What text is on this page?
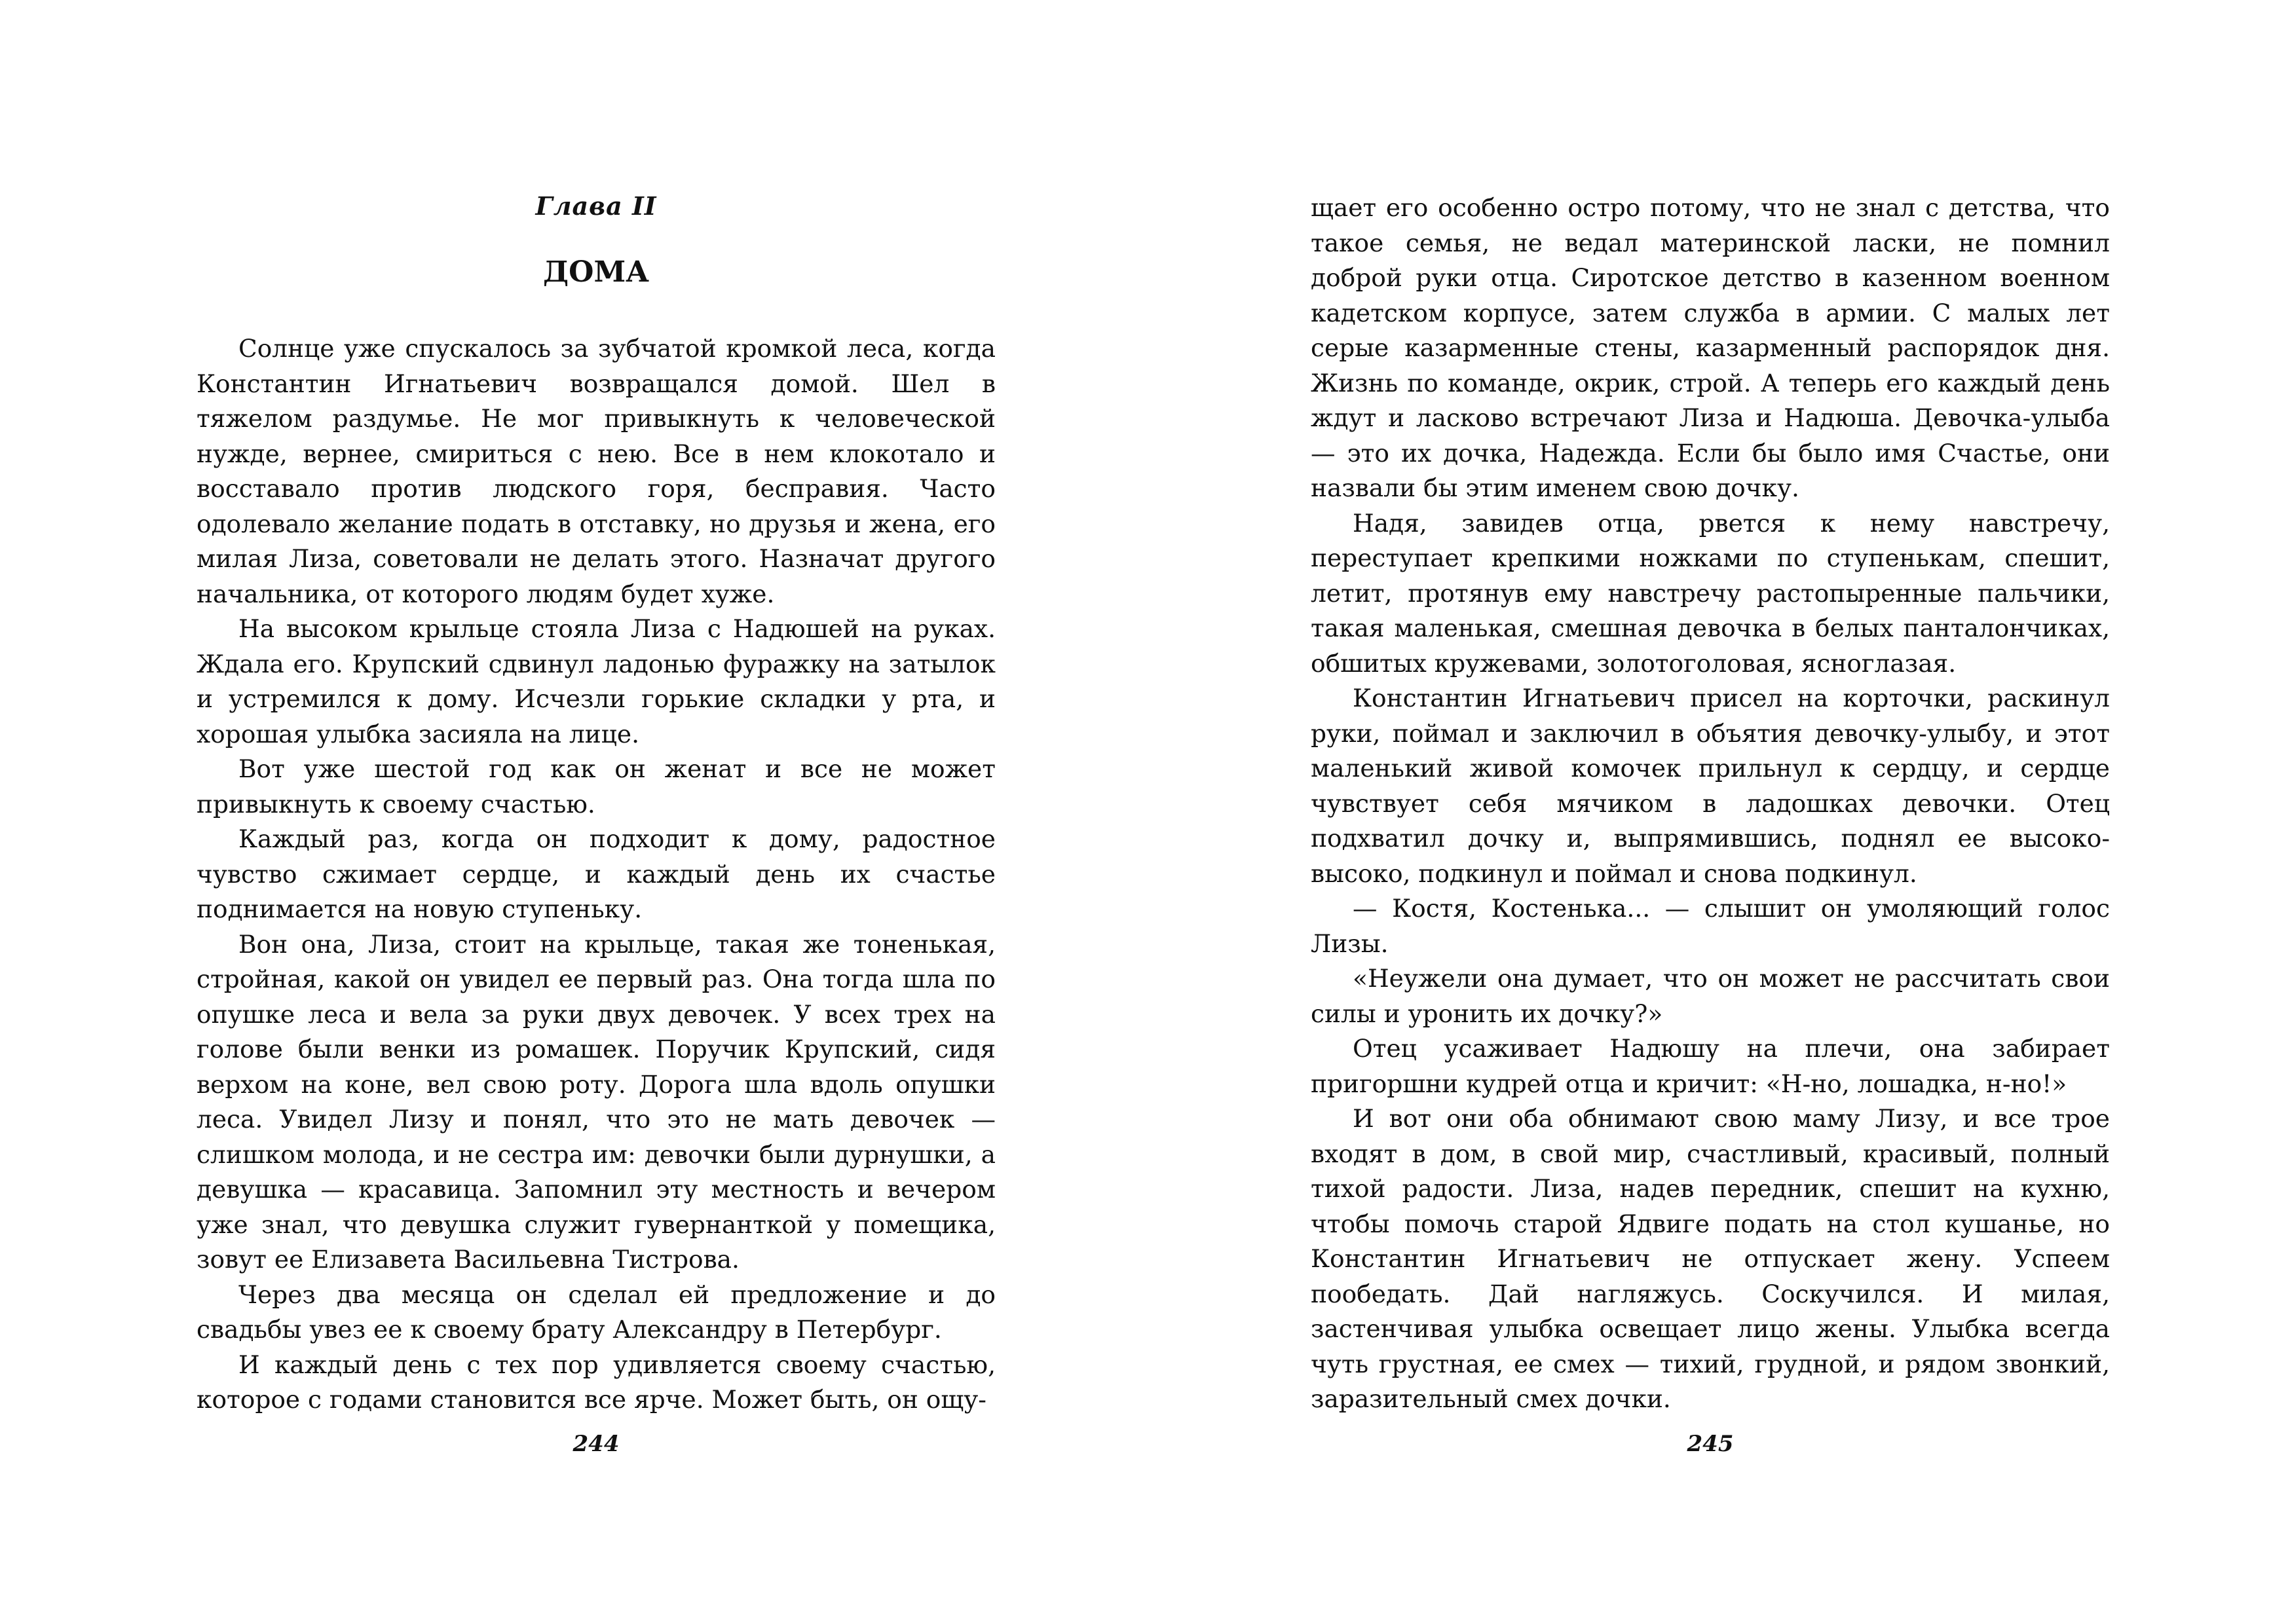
Глава II
ДОМА

Солнце уже спускалось за зубчатой кромкой леса, когда Константин Игнатьевич возвращался домой. Шел в тяжелом раздумье. Не мог привыкнуть к человеческой нужде, вернее, смириться с нею. Все в нем клокотало и восставало против людского горя, бесправия. Часто одолевало желание подать в отставку, но друзья и жена, его милая Лиза, советовали не делать этого. Назначат другого начальника, от которого людям будет хуже.

На высоком крыльце стояла Лиза с Надюшей на руках. Ждала его. Крупский сдвинул ладонью фуражку на затылок и устремился к дому. Исчезли горькие складки у рта, и хорошая улыбка засияла на лице.

Вот уже шестой год как он женат и все не может привыкнуть к своему счастью.

Каждый раз, когда он подходит к дому, радостное чувство сжимает сердце, и каждый день их счастье поднимается на новую ступеньку.

Вон она, Лиза, стоит на крыльце, такая же тоненькая, стройная, какой он увидел ее первый раз. Она тогда шла по опушке леса и вела за руки двух девочек. У всех трех на голове были венки из ромашек. Поручик Крупский, сидя верхом на коне, вел свою роту. Дорога шла вдоль опушки леса. Увидел Лизу и понял, что это не мать девочек — слишком молода, и не сестра им: девочки были дурнушки, а девушка — красавица. Запомнил эту местность и вечером уже знал, что девушка служит гувернанткой у помещика, зовут ее Елизавета Васильевна Тистрова.

Через два месяца он сделал ей предложение и до свадьбы увез ее к своему брату Александру в Петербург.

И каждый день с тех пор удивляется своему счастью, которое с годами становится все ярче. Может быть, он ощу-

244

щает его особенно остро потому, что не знал с детства, что такое семья, не ведал материнской ласки, не помнил доброй руки отца. Сиротское детство в казенном военном кадетском корпусе, затем служба в армии. С малых лет серые казарменные стены, казарменный распорядок дня. Жизнь по команде, окрик, строй. А теперь его каждый день ждут и ласково встречают Лиза и Надюша. Девочка-улыба — это их дочка, Надежда. Если бы было имя Счастье, они назвали бы этим именем свою дочку.

Надя, завидев отца, рвется к нему навстречу, переступает крепкими ножками по ступенькам, спешит, летит, протянув ему навстречу растопыренные пальчики, такая маленькая, смешная девочка в белых панталончиках, обшитых кружевами, золотоголовая, ясноглазая.

Константин Игнатьевич присел на корточки, раскинул руки, поймал и заключил в объятия девочку-улыбу, и этот маленький живой комочек прильнул к сердцу, и сердце чувствует себя мячиком в ладошках девочки. Отец подхватил дочку и, выпрямившись, поднял ее высоко-высоко, подкинул и поймал и снова подкинул.

— Костя, Костенька... — слышит он умоляющий голос Лизы.

«Неужели она думает, что он может не рассчитать свои силы и уронить их дочку?»

Отец усаживает Надюшу на плечи, она забирает пригоршни кудрей отца и кричит: «Н-но, лошадка, н-но!»

И вот они оба обнимают свою маму Лизу, и все трое входят в дом, в свой мир, счастливый, красивый, полный тихой радости. Лиза, надев передник, спешит на кухню, чтобы помочь старой Ядвиге подать на стол кушанье, но Константин Игнатьевич не отпускает жену. Успеем пообедать. Дай нагляжусь. Соскучился. И милая, застенчивая улыбка освещает лицо жены. Улыбка всегда чуть грустная, ее смех — тихий, грудной, и рядом звонкий, заразительный смех дочки.

245
